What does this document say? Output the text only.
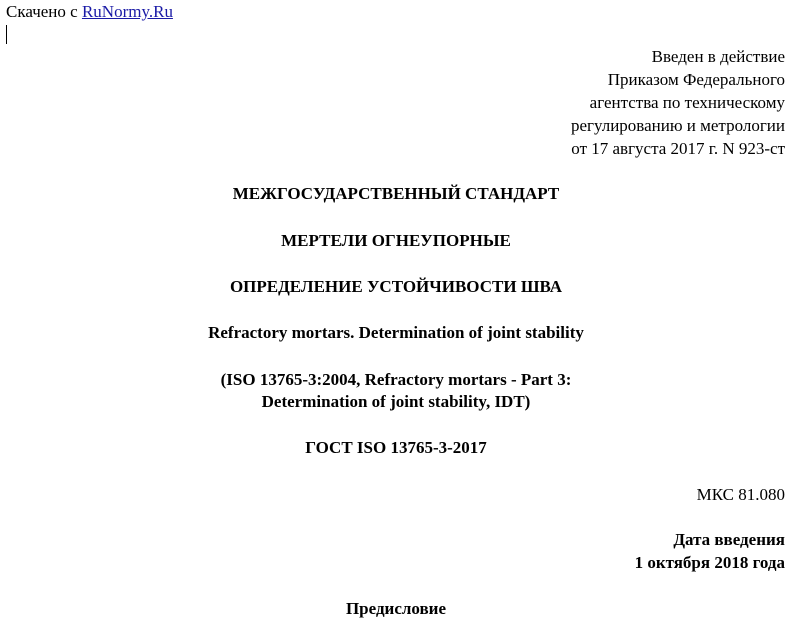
Скачено с RuNormy.Ru
Введен в действие
Приказом Федерального
агентства по техническому
регулированию и метрологии
от 17 августа 2017 г. N 923-ст
МЕЖГОСУДАРСТВЕННЫЙ СТАНДАРТ
МЕРТЕЛИ ОГНЕУПОРНЫЕ
ОПРЕДЕЛЕНИЕ УСТОЙЧИВОСТИ ШВА
Refractory mortars. Determination of joint stability
(ISO 13765-3:2004, Refractory mortars - Part 3:
Determination of joint stability, IDT)
ГОСТ ISO 13765-3-2017
МКС 81.080
Дата введения
1 октября 2018 года
Предисловие
